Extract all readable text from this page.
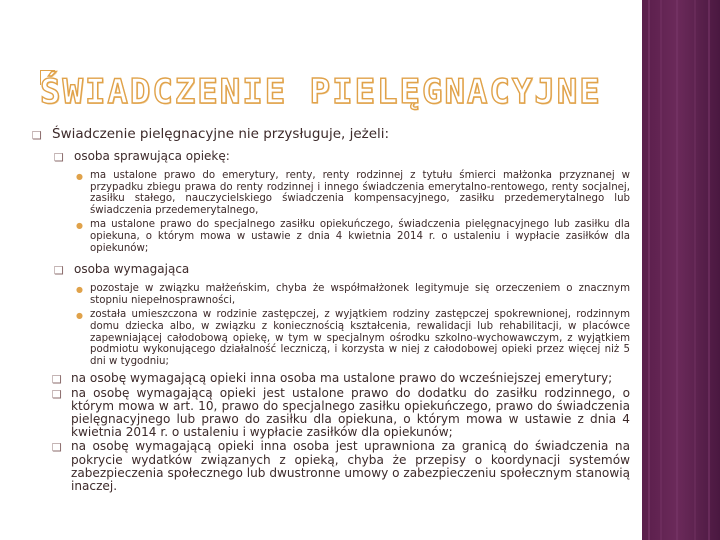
ŚWIADCZENIE PIELĘGNACYJNE
❑ Świadczenie pielęgnacyjne nie przysługuje, jeżeli:
❑ osoba sprawująca opiekę:
● ma ustalone prawo do emerytury, renty, renty rodzinnej z tytułu śmierci małżonka przyznanej w przypadku zbiegu prawa do renty rodzinnej i innego świadczenia emerytalno-rentowego, renty socjalnej, zasiłku stałego, nauczycielskiego świadczenia kompensacyjnego, zasiłku przedemerytalnego lub świadczenia przedemerytalnego,
● ma ustalone prawo do specjalnego zasiłku opiekuńczego, świadczenia pielęgnacyjnego lub zasiłku dla opiekuna, o którym mowa w ustawie z dnia 4 kwietnia 2014 r. o ustaleniu i wypłacie zasiłków dla opiekunów;
❑ osoba wymagająca
● pozostaje w związku małżeńskim, chyba że współmałżonek legitymuje się orzeczeniem o znacznym stopniu niepełnosprawności,
● została umieszczona w rodzinie zastępczej, z wyjątkiem rodziny zastępczej spokrewnionej, rodzinnym domu dziecka albo, w związku z koniecznością kształcenia, rewalidacji lub rehabilitacji, w placówce zapewniającej całodobową opiekę, w tym w specjalnym ośrodku szkolno-wychowawczym, z wyjątkiem podmiotu wykonującego działalność leczniczą, i korzysta w niej z całodobowej opieki przez więcej niż 5 dni w tygodniu;
❑ na osobę wymagającą opieki inna osoba ma ustalone prawo do wcześniejszej emerytury;
❑ na osobę wymagającą opieki jest ustalone prawo do dodatku do zasiłku rodzinnego, o którym mowa w art. 10, prawo do specjalnego zasiłku opiekuńczego, prawo do świadczenia pielęgnacyjnego lub prawo do zasiłku dla opiekuna, o którym mowa w ustawie z dnia 4 kwietnia 2014 r. o ustaleniu i wypłacie zasiłków dla opiekunów;
❑ na osobę wymagającą opieki inna osoba jest uprawniona za granicą do świadczenia na pokrycie wydatków związanych z opieką, chyba że przepisy o koordynacji systemów zabezpieczenia społecznego lub dwustronne umowy o zabezpieczeniu społecznym stanowią inaczej.
